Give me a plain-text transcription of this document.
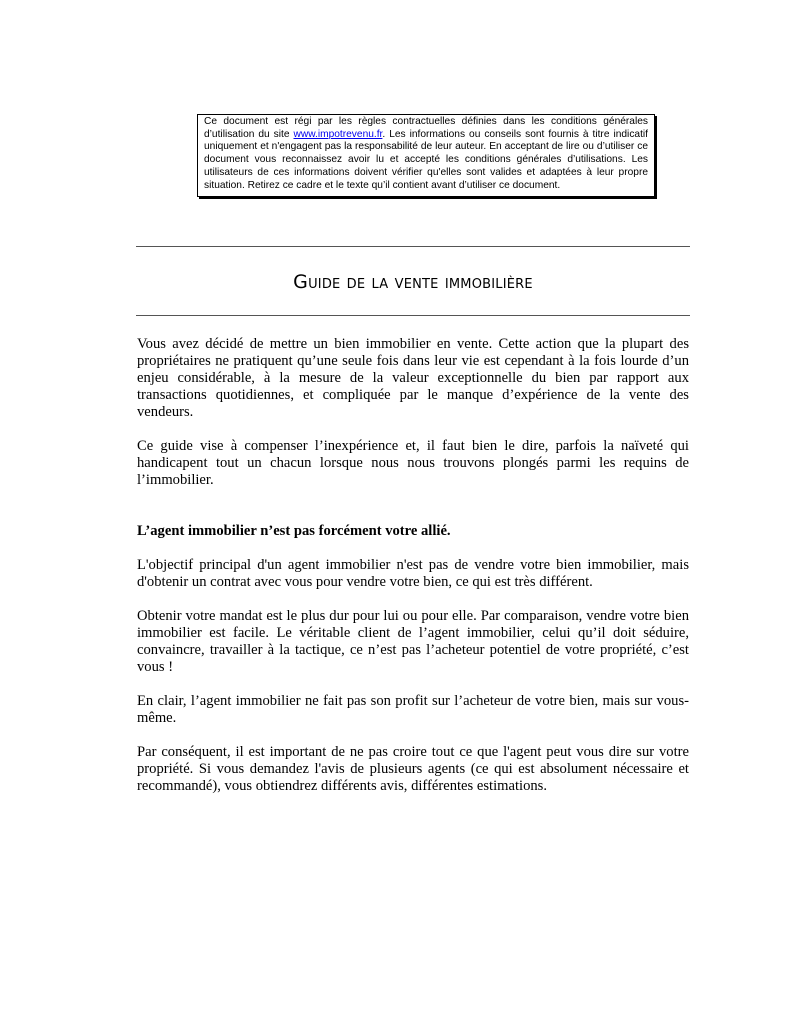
Ce document est régi par les règles contractuelles définies dans les conditions générales d’utilisation du site www.impotrevenu.fr. Les informations ou conseils sont fournis à titre indicatif uniquement et n'engagent pas la responsabilité de leur auteur. En acceptant de lire ou d’utiliser ce document vous reconnaissez avoir lu et accepté les conditions générales d’utilisations. Les utilisateurs de ces informations doivent vérifier qu'elles sont valides et adaptées à leur propre situation. Retirez ce cadre et le texte qu’il contient avant d’utiliser ce document.
Guide de la vente immobilière

Vous avez décidé de mettre un bien immobilier en vente. Cette action que la plupart des propriétaires ne pratiquent qu’une seule fois dans leur vie est cependant à la fois lourde d’un enjeu considérable, à la mesure de la valeur exceptionnelle du bien par rapport aux transactions quotidiennes, et compliquée par le manque d’expérience de la vente des vendeurs.

Ce guide vise à compenser l’inexpérience et, il faut bien le dire, parfois la naïveté qui handicapent tout un chacun lorsque nous nous trouvons plongés parmi les requins de l’immobilier.

L’agent immobilier n’est pas forcément votre allié.

L'objectif principal d'un agent immobilier n'est pas de vendre votre bien immobilier, mais d'obtenir un contrat avec vous pour vendre votre bien, ce qui est très différent.

Obtenir votre mandat est le plus dur pour lui ou pour elle. Par comparaison, vendre votre bien immobilier est facile. Le véritable client de l’agent immobilier, celui qu’il doit séduire, convaincre, travailler à la tactique, ce n’est pas l’acheteur potentiel de votre propriété, c’est vous !

En clair, l’agent immobilier ne fait pas son profit sur l’acheteur de votre bien, mais sur vous-même.

Par conséquent, il est important de ne pas croire tout ce que l'agent peut vous dire sur votre propriété. Si vous demandez l'avis de plusieurs agents (ce qui est absolument nécessaire et recommandé), vous obtiendrez différents avis, différentes estimations.
